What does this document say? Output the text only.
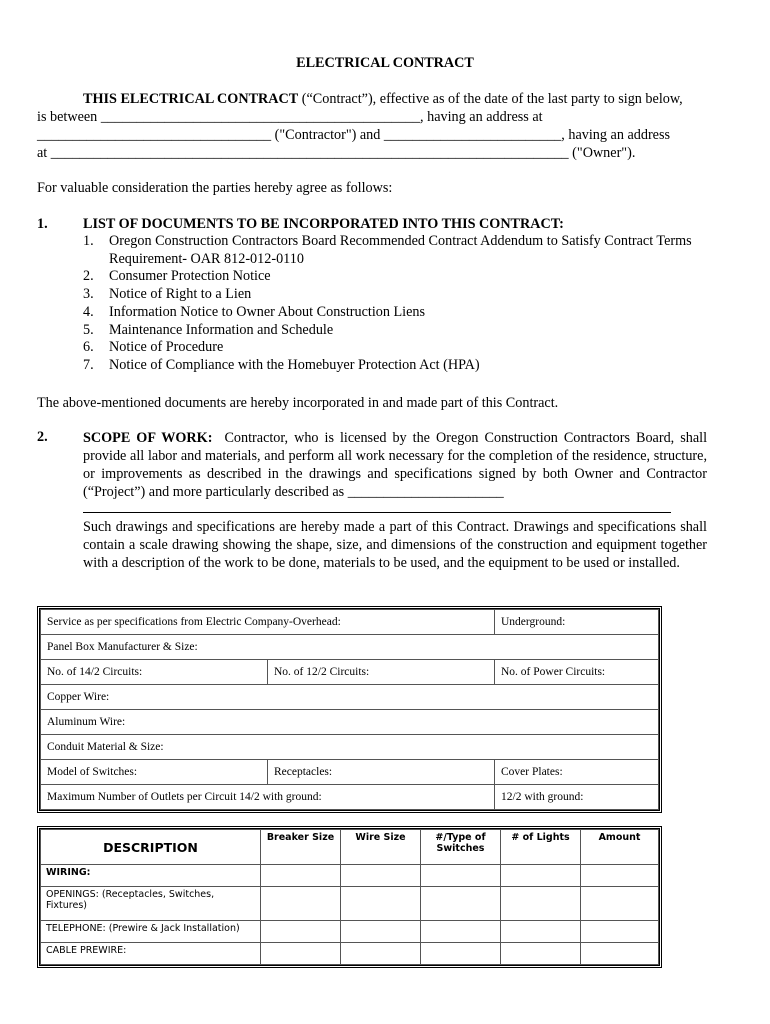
ELECTRICAL CONTRACT
THIS ELECTRICAL CONTRACT (“Contract”), effective as of the date of the last party to sign below,
is between _____________________________________________, having an address at
_________________________________ ("Contractor") and _________________________, having an address
at _________________________________________________________________________ ("Owner").
For valuable consideration the parties hereby agree as follows:
1. LIST OF DOCUMENTS TO BE INCORPORATED INTO THIS CONTRACT:
1. Oregon Construction Contractors Board Recommended Contract Addendum to Satisfy Contract Terms Requirement- OAR 812-012-0110
2. Consumer Protection Notice
3. Notice of Right to a Lien
4. Information Notice to Owner About Construction Liens
5. Maintenance Information and Schedule
6. Notice of Procedure
7. Notice of Compliance with the Homebuyer Protection Act (HPA)
The above-mentioned documents are hereby incorporated in and made part of this Contract.
2. SCOPE OF WORK: Contractor, who is licensed by the Oregon Construction Contractors Board, shall provide all labor and materials, and perform all work necessary for the completion of the residence, structure, or improvements as described in the drawings and specifications signed by both Owner and Contractor (“Project”) and more particularly described as ______________________
Such drawings and specifications are hereby made a part of this Contract. Drawings and specifications shall contain a scale drawing showing the shape, size, and dimensions of the construction and equipment together with a description of the work to be done, materials to be used, and the equipment to be used or installed.
Service as per specifications from Electric Company-Overhead:		Underground:
Panel Box Manufacturer & Size:		
No. of 14/2 Circuits:	No. of 12/2 Circuits:	No. of Power Circuits:
Copper Wire:		
Aluminum Wire:		
Conduit Material & Size:		
Model of Switches:	Receptacles:	Cover Plates:
Maximum Number of Outlets per Circuit 14/2 with ground:		12/2 with ground:
DESCRIPTION	Breaker Size	Wire Size	#/Type of Switches	# of Lights	Amount
WIRING:					
OPENINGS: (Receptacles, Switches, Fixtures)					
TELEPHONE: (Prewire & Jack Installation)					
CABLE PREWIRE:					
